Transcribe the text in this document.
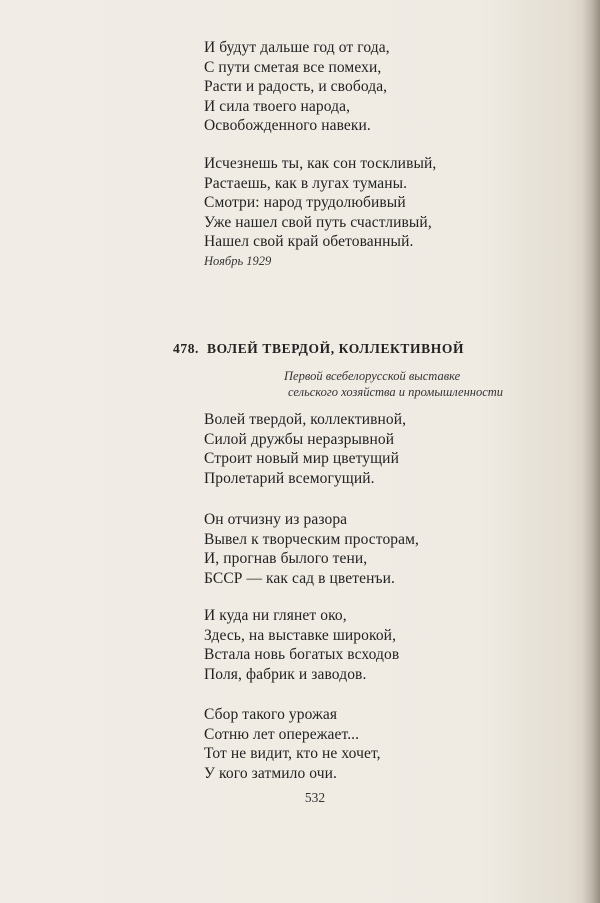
И будут дальше год от года,
С пути сметая все помехи,
Расти и радость, и свобода,
И сила твоего народа,
Освобожденного навеки.
Исчезнешь ты, как сон тоскливый,
Растаешь, как в лугах туманы.
Смотри: народ трудолюбивый
Уже нашел свой путь счастливый,
Нашел свой край обетованный.
Ноябрь 1929
478. ВОЛЕЙ ТВЕРДОЙ, КОЛЛЕКТИВНОЙ
Первой всебелорусской выставке
сельского хозяйства и промышленности
Волей твердой, коллективной,
Силой дружбы неразрывной
Строит новый мир цветущий
Пролетарий всемогущий.
Он отчизну из разора
Вывел к творческим просторам,
И, прогнав былого тени,
БССР — как сад в цветенъи.
И куда ни глянет око,
Здесь, на выставке широкой,
Встала новь богатых всходов
Поля, фабрик и заводов.
Сбор такого урожая
Сотню лет опережает...
Тот не видит, кто не хочет,
У кого затмило очи.
532
